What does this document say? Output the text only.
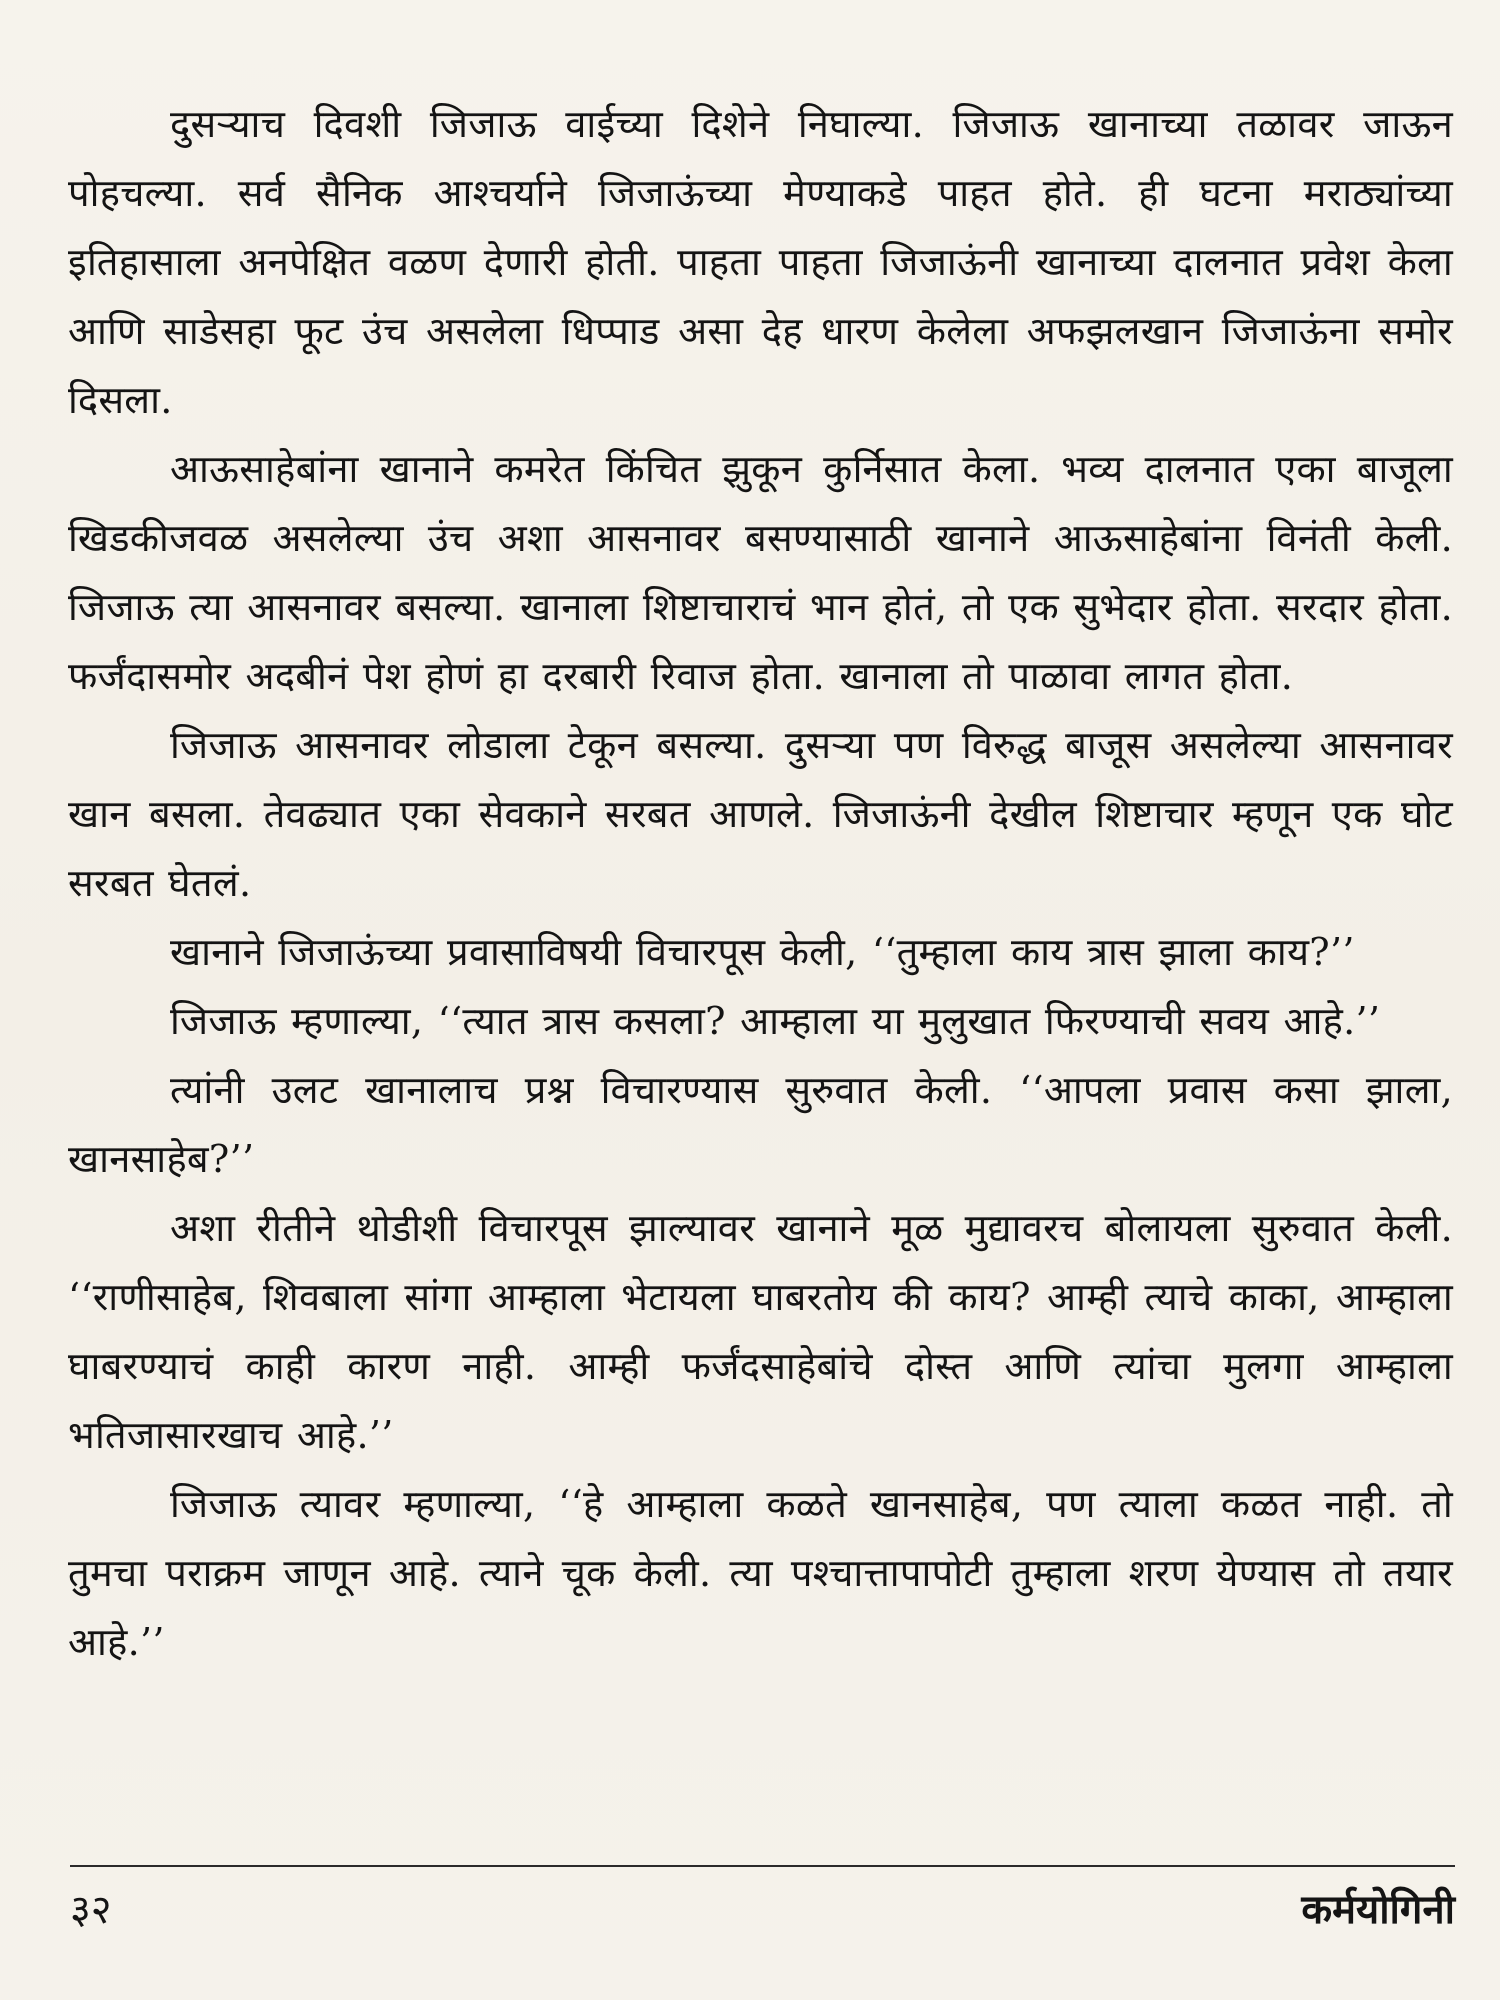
दुसऱ्याच दिवशी जिजाऊ वाईच्या दिशेने निघाल्या. जिजाऊ खानाच्या तळावर जाऊन पोहचल्या. सर्व सैनिक आश्चर्याने जिजाऊंच्या मेण्याकडे पाहत होते. ही घटना मराठ्यांच्या इतिहासाला अनपेक्षित वळण देणारी होती. पाहता पाहता जिजाऊंनी खानाच्या दालनात प्रवेश केला आणि साडेसहा फूट उंच असलेला धिप्पाड असा देह धारण केलेला अफझलखान जिजाऊंना समोर दिसला.

आऊसाहेबांना खानाने कमरेत किंचित झुकून कुर्निसात केला. भव्य दालनात एका बाजूला खिडकीजवळ असलेल्या उंच अशा आसनावर बसण्यासाठी खानाने आऊसाहेबांना विनंती केली. जिजाऊ त्या आसनावर बसल्या. खानाला शिष्टाचाराचं भान होतं, तो एक सुभेदार होता. सरदार होता. फर्जंदासमोर अदबीनं पेश होणं हा दरबारी रिवाज होता. खानाला तो पाळावा लागत होता.

जिजाऊ आसनावर लोडाला टेकून बसल्या. दुसऱ्या पण विरुद्ध बाजूस असलेल्या आसनावर खान बसला. तेवढ्यात एका सेवकाने सरबत आणले. जिजाऊंनी देखील शिष्टाचार म्हणून एक घोट सरबत घेतलं.

खानाने जिजाऊंच्या प्रवासाविषयी विचारपूस केली, ‘‘तुम्हाला काय त्रास झाला काय?’’

जिजाऊ म्हणाल्या, ‘‘त्यात त्रास कसला? आम्हाला या मुलुखात फिरण्याची सवय आहे.’’

त्यांनी उलट खानालाच प्रश्न विचारण्यास सुरुवात केली. ‘‘आपला प्रवास कसा झाला, खानसाहेब?’’

अशा रीतीने थोडीशी विचारपूस झाल्यावर खानाने मूळ मुद्यावरच बोलायला सुरुवात केली. ‘‘राणीसाहेब, शिवबाला सांगा आम्हाला भेटायला घाबरतोय की काय? आम्ही त्याचे काका, आम्हाला घाबरण्याचं काही कारण नाही. आम्ही फर्जंदसाहेबांचे दोस्त आणि त्यांचा मुलगा आम्हाला भतिजासारखाच आहे.’’

जिजाऊ त्यावर म्हणाल्या, ‘‘हे आम्हाला कळते खानसाहेब, पण त्याला कळत नाही. तो तुमचा पराक्रम जाणून आहे. त्याने चूक केली. त्या पश्चात्तापापोटी तुम्हाला शरण येण्यास तो तयार आहे.’’

३२	कर्मयोगिनी
